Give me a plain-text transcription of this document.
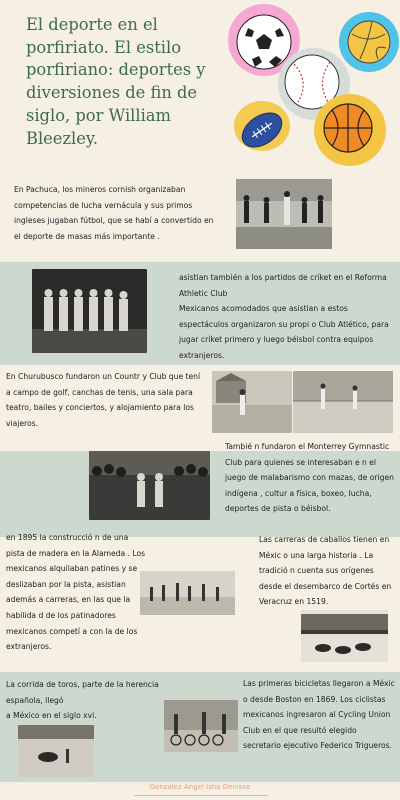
El deporte en el porfiriato. El estilo porfiriano: deportes y diversiones de fin de siglo, por William Bleezley.
En Pachuca, los mineros cornish organizaban competencias de lucha vernácula y sus primos ingleses jugaban fútbol, que se habí a convertido en el deporte de masas más importante .
asistian también a los partidos de críket en el Reforma Athletic Club
Mexicanos acomodados que asistian a estos espectáculos organizaron su propi o Club Atlético, para jugar críket primero y luego béisbol contra equipos extranjeros.
En Churubusco fundaron un Countr y Club que tení a campo de golf, canchas de tenis, una sala para teatro, bailes y conciertos, y alojamiento para los viajeros.
Tambié n fundaron el Monterrey Gymnastic Club para quienes se interesaban e n el juego de malabarismo con mazas, de origen indígena , cultur a física, boxeo, lucha, deportes de pista o béisbol.
en 1895 la construcció n de una pista de madera en la Alameda . Los mexicanos alquilaban patines y se deslizaban por la pista, asistian además a carreras, en las que la habilida d de los patinadores mexicanos competí a con la de los extranjeros.
Las carreras de caballos tienen en Méxic o una larga historia . La tradició n cuenta sus orígenes desde el desembarco de Cortés en Veracruz en 1519.
La corrida de toros, parte de la herencia española, llegó
a México en el siglo xvi.
Las primeras bicicletas llegaron a Méxic o desde Boston en 1869. Los ciclistas mexicanos ingresaron al Cycling Union Club en el que resultó elegido secretario ejecutivo Federico Trigueros.
Gonzalez Angel Isha Denisse
